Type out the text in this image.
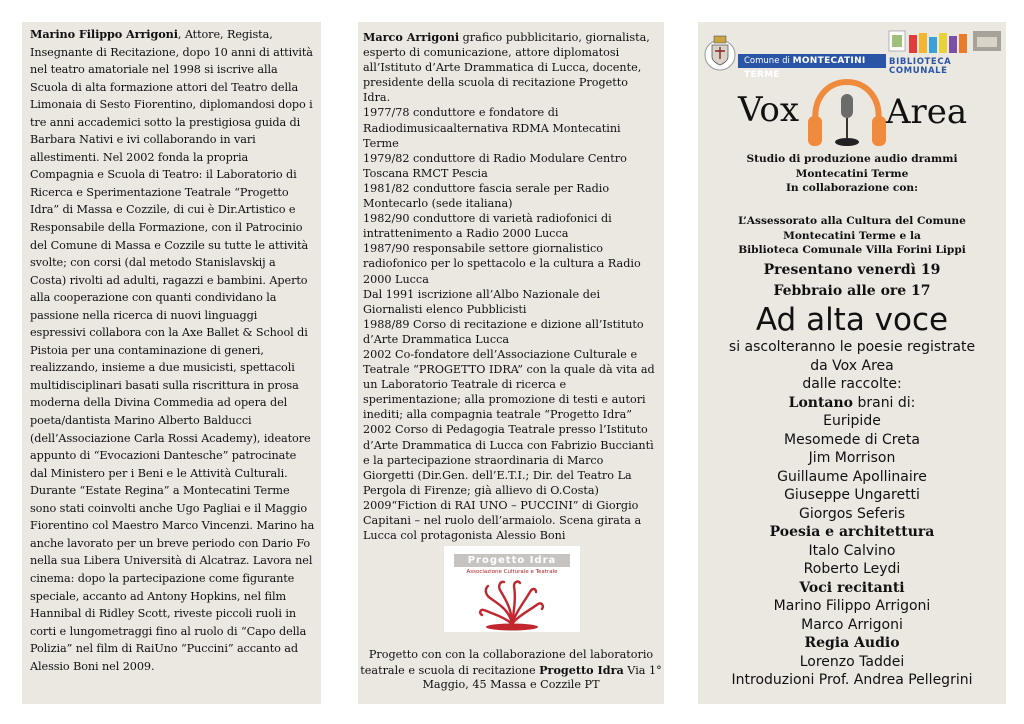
Marino Filippo Arrigoni, Attore, Regista, Insegnante di Recitazione, dopo 10 anni di attività nel teatro amatoriale nel 1998 si iscrive alla Scuola di alta formazione attori del Teatro della Limonaia di Sesto Fiorentino, diplomandosi dopo i tre anni accademici sotto la prestigiosa guida di Barbara Nativi e ivi collaborando in vari allestimenti. Nel 2002 fonda la propria Compagnia e Scuola di Teatro: il Laboratorio di Ricerca e Sperimentazione Teatrale “Progetto Idra” di Massa e Cozzile, di cui è Dir.Artistico e Responsabile della Formazione, con il Patrocinio del Comune di Massa e Cozzile su tutte le attività svolte; con corsi (dal metodo Stanislavskij a Costa) rivolti ad adulti, ragazzi e bambini. Aperto alla cooperazione con quanti condividano la passione nella ricerca di nuovi linguaggi espressivi collabora con la Axe Ballet & School di Pistoia per una contaminazione di generi, realizzando, insieme a due musicisti, spettacoli multidisciplinari basati sulla riscrittura in prosa moderna della Divina Commedia ad opera del poeta/dantista Marino Alberto Balducci (dell’Associazione Carla Rossi Academy), ideatore appunto di “Evocazioni Dantesche” patrocinate dal Ministero per i Beni e le Attività Culturali. Durante “Estate Regina” a Montecatini Terme sono stati coinvolti anche Ugo Pagliai e il Maggio Fiorentino col Maestro Marco Vincenzi. Marino ha anche lavorato per un breve periodo con Dario Fo nella sua Libera Università di Alcatraz. Lavora nel cinema: dopo la partecipazione come figurante speciale, accanto ad Antony Hopkins, nel film Hannibal di Ridley Scott, riveste piccoli ruoli in corti e lungometraggi fino al ruolo di “Capo della Polizia” nel film di RaiUno “Puccini” accanto ad Alessio Boni nel 2009.

Marco Arrigoni grafico pubblicitario, giornalista,

esperto di comunicazione, attore diplomatosi
all’Istituto d’Arte Drammatica di Lucca, docente,
presidente della scuola di recitazione Progetto
Idra.
1977/78 conduttore e fondatore di
Radiodimusicaalternativa RDMA Montecatini
Terme
1979/82 conduttore di Radio Modulare Centro
Toscana RMCT Pescia
1981/82 conduttore fascia serale per Radio
Montecarlo (sede italiana)
1982/90 conduttore di varietà radiofonici di
intrattenimento a Radio 2000 Lucca
1987/90 responsabile settore giornalistico
radiofonico per lo spettacolo e la cultura a Radio
2000 Lucca
Dal 1991 iscrizione all’Albo Nazionale dei
Giornalisti elenco Pubblicisti
1988/89 Corso di recitazione e dizione all’Istituto
d’Arte Drammatica Lucca
2002 Co-fondatore dell’Associazione Culturale e
Teatrale “PROGETTO IDRA” con la quale dà vita ad
un Laboratorio Teatrale di ricerca e
sperimentazione; alla promozione di testi e autori
inediti; alla compagnia teatrale “Progetto Idra”
2002 Corso di Pedagogia Teatrale presso l’Istituto
d’Arte Drammatica di Lucca con Fabrizio Bucciantì
e la partecipazione straordinaria di Marco
Giorgetti (Dir.Gen. dell’E.T.I.; Dir. del Teatro La
Pergola di Firenze; già allievo di O.Costa)
2009“Fiction di RAI UNO – PUCCINI” di Giorgio
Capitani – nel ruolo dell’armaiolo. Scena girata a
Lucca col protagonista Alessio Boni

Progetto Idra
Associazione Culturale e Teatrale
Progetto con con la collaborazione del laboratorio teatrale e scuola di recitazione Progetto Idra Via 1° Maggio, 45 Massa e Cozzile PT
Comune di MONTECATINI TERME
BIBLIOTECA
COMUNALE
Vox	Area
Studio di produzione audio drammi
Montecatini Terme
In collaborazione con:
L’Assessorato alla Cultura del Comune
Montecatini Terme e la
Biblioteca Comunale Villa Forini Lippi
Presentano venerdì 19
Febbraio alle ore 17
Ad alta voce
si ascolteranno le poesie registrate
da Vox Area
dalle raccolte:
Lontano brani di:
Euripide
Mesomede di Creta
Jim Morrison
Guillaume Apollinaire
Giuseppe Ungaretti
Giorgos Seferis
Poesia e architettura
Italo Calvino
Roberto Leydi
Voci recitanti
Marino Filippo Arrigoni
Marco Arrigoni
Regia Audio
Lorenzo Taddei
Introduzioni Prof. Andrea Pellegrini
